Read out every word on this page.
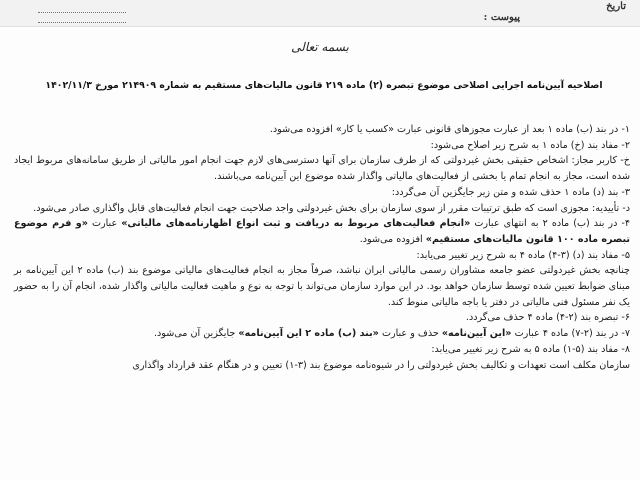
تاریخ
پیوست :
بسمه تعالی
اصلاحیه آیین‌نامه اجرایی اصلاحی موضوع تبصره (۲) ماده ۲۱۹ قانون مالیات‌های مستقیم به شماره ۲۱۴۹۰۹ مورخ ۱۴۰۲/۱۱/۳

۱- در بند (ب) ماده ۱ بعد از عبارت مجوزهای قانونی عبارت «کسب یا کار» افزوده می‌شود.

۲- مفاد بند (خ) ماده ۱ به شرح زیر اصلاح می‌شود:

خ- کاربر مجاز: اشخاص حقیقی بخش غیردولتی که از طرف سازمان برای آنها دسترسی‌های لازم جهت انجام امور مالیاتی از طریق سامانه‌های مربوط ایجاد شده است، مجاز به انجام تمام یا بخشی از فعالیت‌های مالیاتی واگذار شده موضوع این آیین‌نامه می‌باشند.

۳- بند (د) ماده ۱ حذف شده و متن زیر جایگزین آن می‌گردد:

د- تأییدیه: مجوزی است که طبق ترتیبات مقرر از سوی سازمان برای بخش غیردولتی واجد صلاحیت جهت انجام فعالیت‌های قابل واگذاری صادر می‌شود.

۴- در بند (ب) ماده ۲ به انتهای عبارت «انجام فعالیت‌های مربوط به دریافت و ثبت انواع اظهارنامه‌های مالیاتی» عبارت «و فرم موضوع تبصره ماده ۱۰۰ قانون مالیات‌های مستقیم» افزوده می‌شود.

۵- مفاد بند (د) (۳-۴) ماده ۴ به شرح زیر تغییر می‌یابد:

چنانچه بخش غیردولتی عضو جامعه مشاوران رسمی مالیاتی ایران نباشد، صرفاً مجاز به انجام فعالیت‌های مالیاتی موضوع بند (ب) ماده ۲ این آیین‌نامه بر مبنای ضوابط تعیین شده توسط سازمان خواهد بود. در این موارد سازمان می‌تواند با توجه به نوع و ماهیت فعالیت مالیاتی واگذار شده، انجام آن را به حضور یک نفر مسئول فنی مالیاتی در دفتر یا باجه مالیاتی منوط کند.

۶- تبصره بند (۲-۴) ماده ۴ حذف می‌گردد.

۷- در بند (۲-۷) ماده ۴ عبارت «این آیین‌نامه» حذف و عبارت «بند (ب) ماده ۲ این آیین‌نامه» جایگزین آن می‌شود.

۸- مفاد بند (۵-۱) ماده ۵ به شرح زیر تغییر می‌یابد:

سازمان مکلف است تعهدات و تکالیف بخش غیردولتی را در شیوه‌نامه موضوع بند (۳-۱) تعیین و در هنگام عقد قرارداد واگذاری
